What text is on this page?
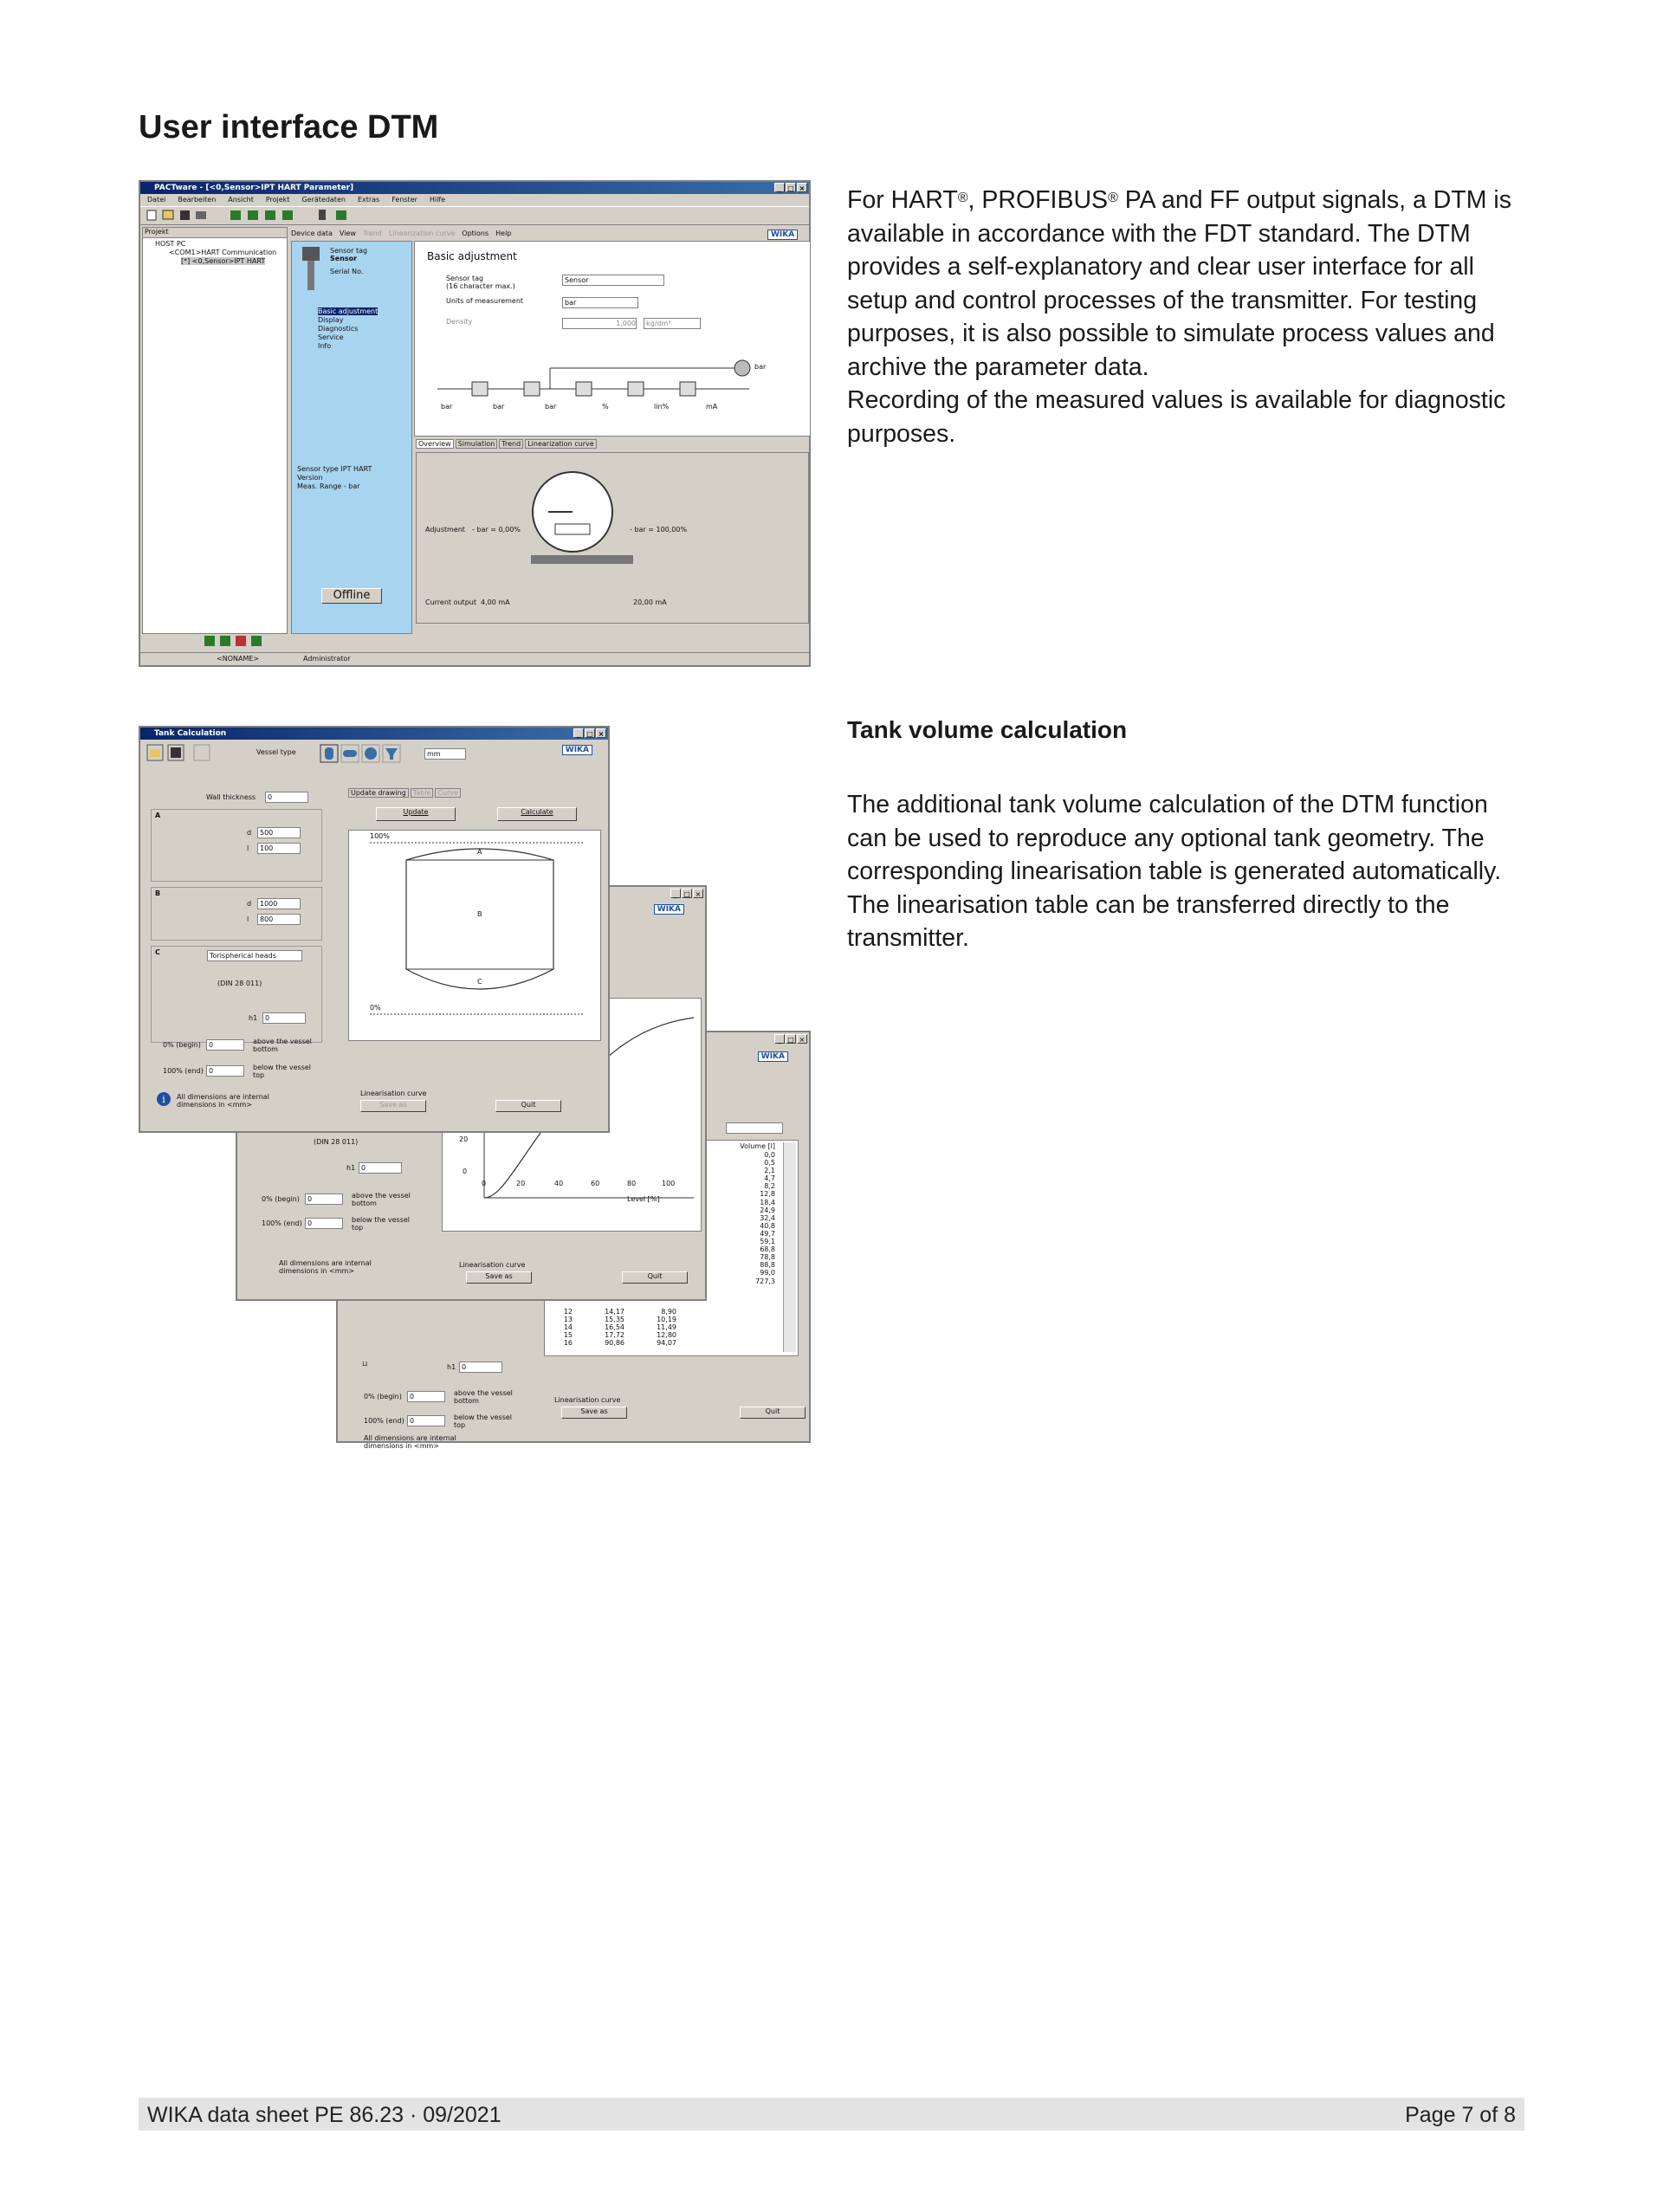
User interface DTM
For HART®, PROFIBUS® PA and FF output signals, a DTM is available in accordance with the FDT standard. The DTM provides a self-explanatory and clear user interface for all setup and control processes of the transmitter. For testing purposes, it is also possible to simulate process values and archive the parameter data.
Recording of the measured values is available for diagnostic purposes.
Tank volume calculation
The additional tank volume calculation of the DTM function can be used to reproduce any optional tank geometry. The corresponding linearisation table is generated automatically. The linearisation table can be transferred directly to the transmitter.
PACTware - [<0,Sensor>IPT HART Parameter]	_ □ ×
Datei Bearbeiten Ansicht Projekt Gerätedaten Extras Fenster Hilfe
Projekt
HOST PC
<COM1>HART Communication
[*] <0,Sensor>IPT HART
Device data View Trend Linearization curve Options Help	WIKA
Sensor tag
Sensor
Serial No.
Basic adjustment
Display
Diagnostics
Service
Info
Sensor type IPT HART
Version
Meas. Range - bar
Offline
Basic adjustment
Sensor tag
(16 character max.)
Sensor
Units of measurement	bar
Density	1,000	kg/dm³
bar	bar	bar	%	lin%	mA
bar
Overview	Simulation	Trend	Linearization curve
Adjustment - bar = 0,00%	- bar = 100,00%
Current output 4,00 mA	20,00 mA
<NONAME>	Administrator
_ □ ×
WIKA
Volume [l]
0,0
0,5
2,1
4,7
8,2
12,8
18,4
24,9
32,4
40,8
49,7
59,1
68,8
78,8
88,8
99,0
727,3
12	14,17	8,90
13	15,35	10,19
14	16,54	11,49
15	17,72	12,80
16	90,86	94,07
h1 0
⊔
0% (begin)	0	above the vessel bottom
100% (end) 0	below the vessel top
Linearisation curve
Save as	Quit
All dimensions are internal dimensions in <mm>
_ □ ×
WIKA
20
0
0	20	40	60	80	100
Level [%]
(DIN 28 011)
h1 0
0% (begin)	0	above the vessel bottom
100% (end) 0	below the vessel top
Linearisation curve
Save as	Quit
All dimensions are internal dimensions in <mm>
Tank Calculation	_ □ ×
Vessel type	mm	WIKA
Wall thickness	0
A
d	500
l	100
B
d	1000
l	800
C	Torispherical heads
(DIN 28 011)
h1	0
0% (begin)	0	above the vessel bottom
100% (end) 0	below the vessel top
i All dimensions are internal dimensions in <mm>
Linearisation curve
Save as	Quit
Update drawing	Table	Curve
Update	Calculate
100%
0%
A
B
C
WIKA data sheet PE 86.23 · 09/2021	Page 7 of 8
